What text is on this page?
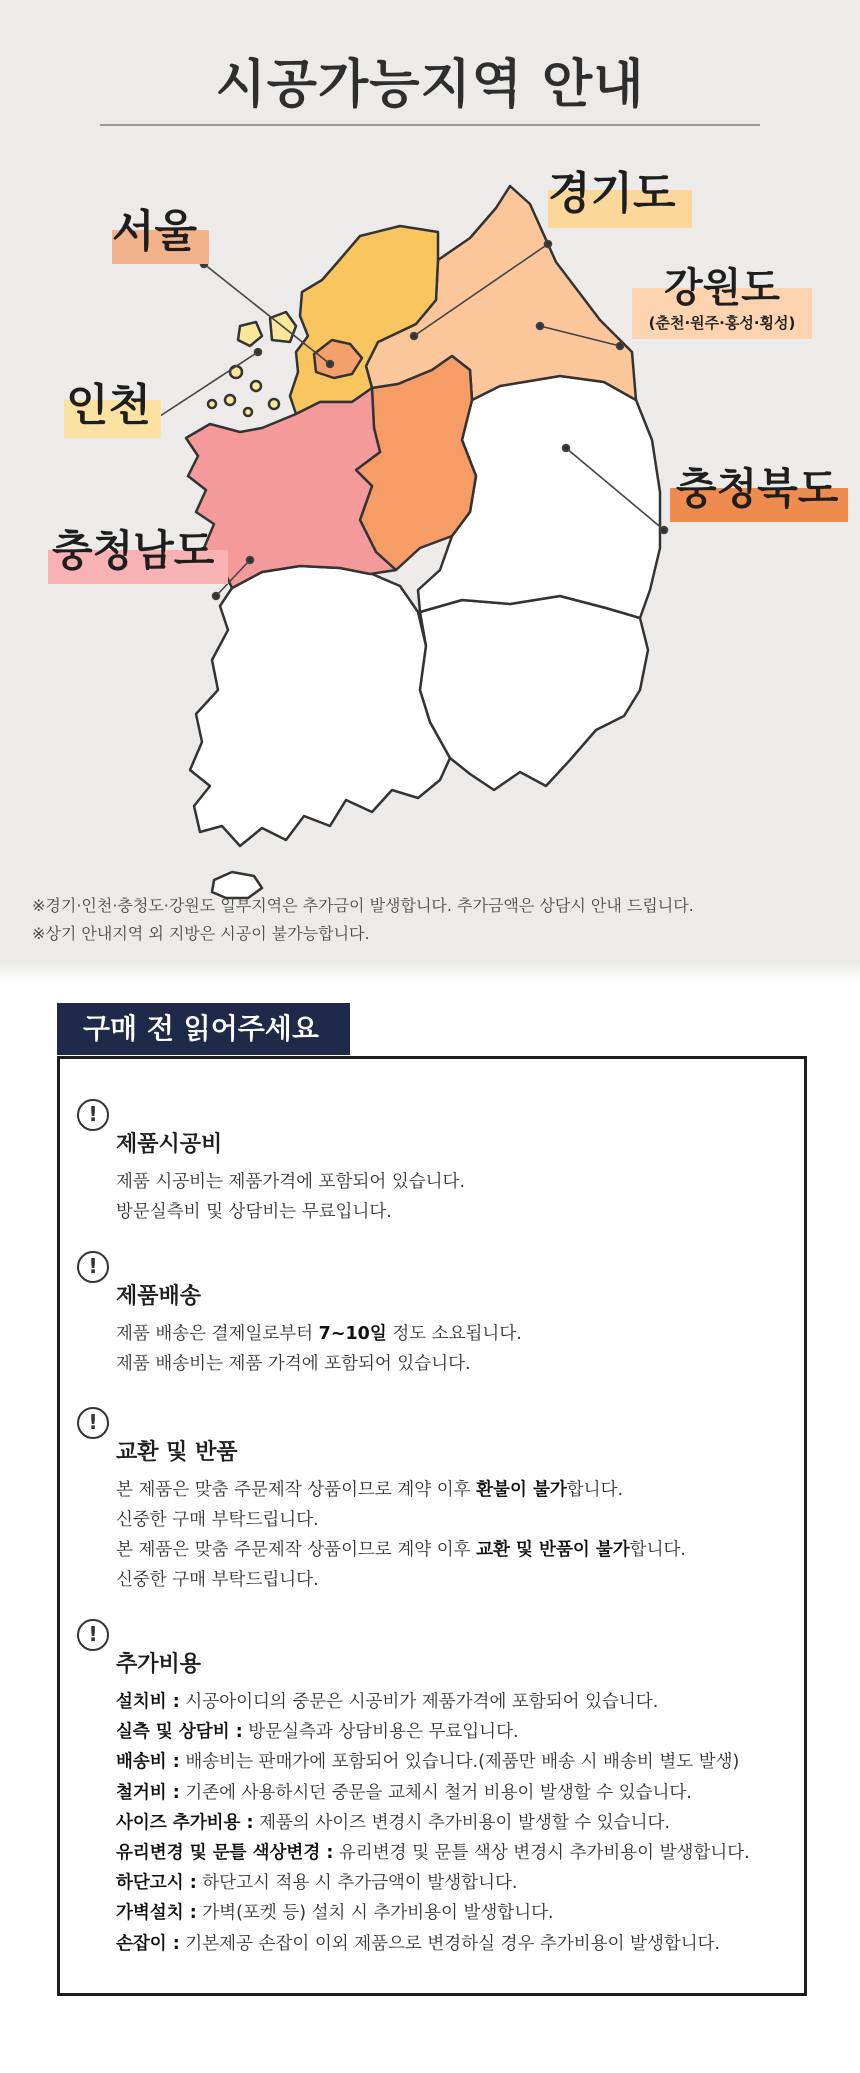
시공가능지역 안내
서울
경기도
강원도
(춘천·원주·홍성·횡성)
인천
충청북도
충청남도
※경기·인천·충청도·강원도 일부지역은 추가금이 발생합니다. 추가금액은 상담시 안내 드립니다.
※상기 안내지역 외 지방은 시공이 불가능합니다.
구매 전 읽어주세요
!
제품시공비
제품 시공비는 제품가격에 포함되어 있습니다.
방문실측비 및 상담비는 무료입니다.
!
제품배송
제품 배송은 결제일로부터 7~10일 정도 소요됩니다.
제품 배송비는 제품 가격에 포함되어 있습니다.
!
교환 및 반품
본 제품은 맞춤 주문제작 상품이므로 계약 이후 환불이 불가합니다.
신중한 구매 부탁드립니다.
본 제품은 맞춤 주문제작 상품이므로 계약 이후 교환 및 반품이 불가합니다.
신중한 구매 부탁드립니다.
!
추가비용
설치비 : 시공아이디의 중문은 시공비가 제품가격에 포함되어 있습니다.
실측 및 상담비 : 방문실측과 상담비용은 무료입니다.
배송비 : 배송비는 판매가에 포함되어 있습니다.(제품만 배송 시 배송비 별도 발생)
철거비 : 기존에 사용하시던 중문을 교체시 철거 비용이 발생할 수 있습니다.
사이즈 추가비용 : 제품의 사이즈 변경시 추가비용이 발생할 수 있습니다.
유리변경 및 문틀 색상변경 : 유리변경 및 문틀 색상 변경시 추가비용이 발생합니다.
하단고시 : 하단고시 적용 시 추가금액이 발생합니다.
가벽설치 : 가벽(포켓 등) 설치 시 추가비용이 발생합니다.
손잡이 : 기본제공 손잡이 이외 제품으로 변경하실 경우 추가비용이 발생합니다.
